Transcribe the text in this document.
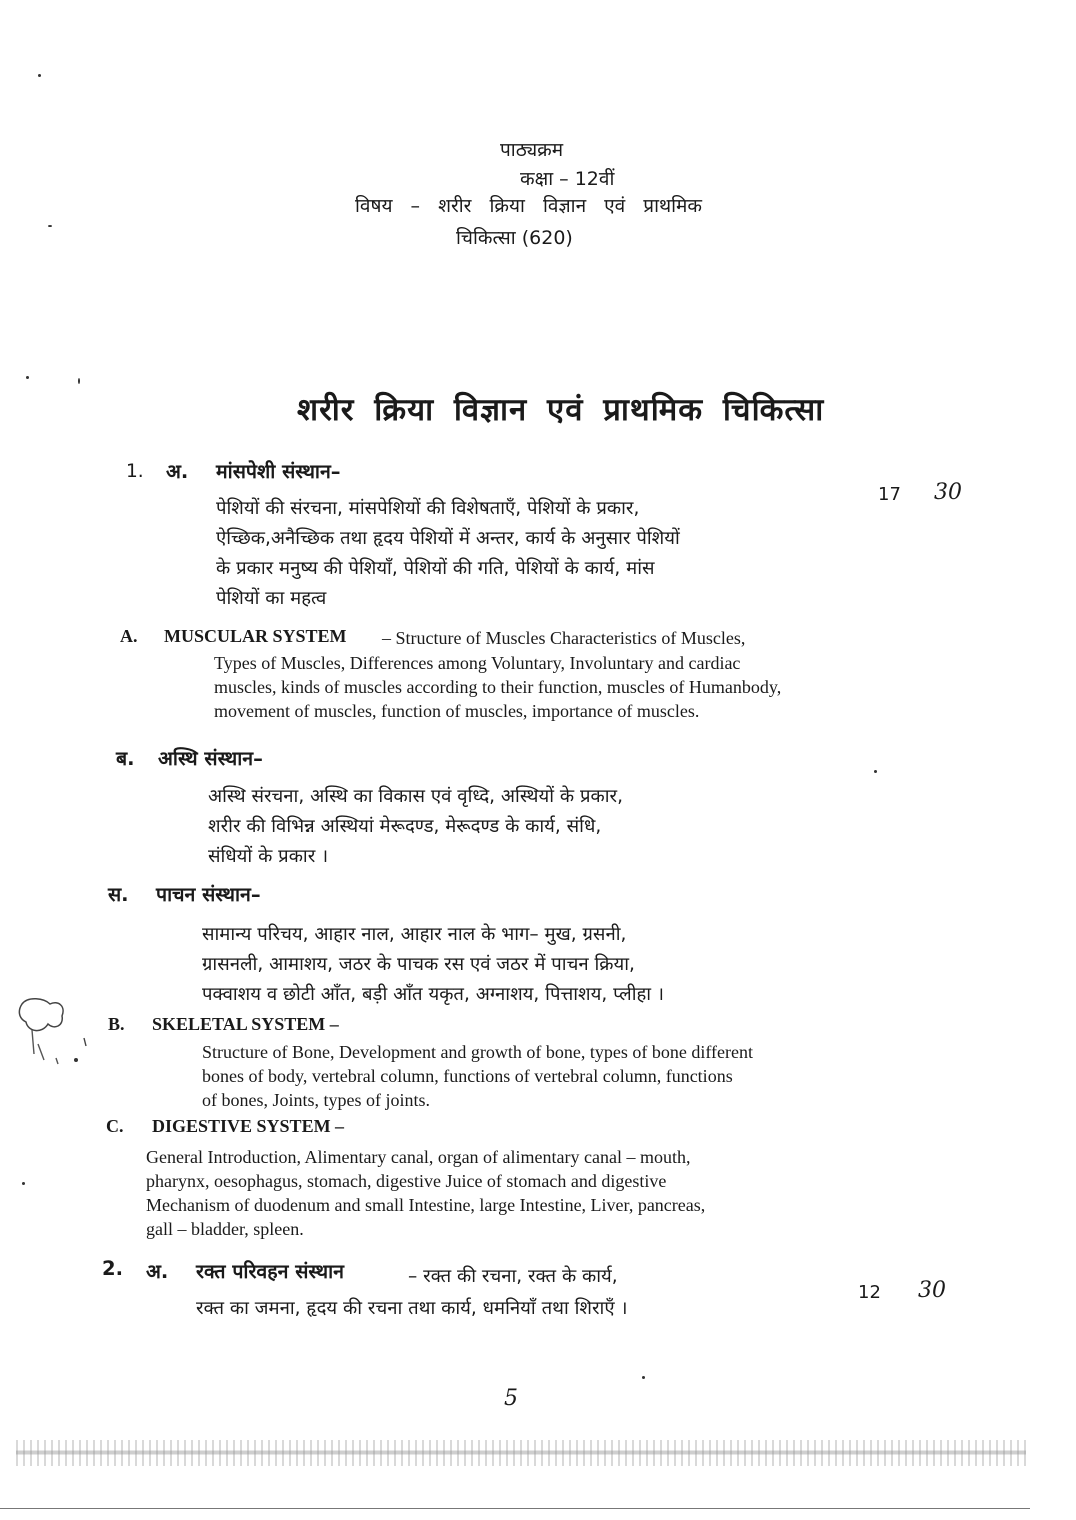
पाठ्यक्रम
कक्षा – 12वीं
विषय – शरीर क्रिया विज्ञान एवं प्राथमिक
चिकित्सा (620)
शरीर क्रिया विज्ञान एवं प्राथमिक चिकित्सा
1. अ. मांसपेशी संस्थान–
17 30
पेशियों की संरचना, मांसपेशियों की विशेषताएँ, पेशियों के प्रकार,
ऐच्छिक,अनैच्छिक तथा हृदय पेशियों में अन्तर, कार्य के अनुसार पेशियों
के प्रकार मनुष्य की पेशियाँ, पेशियों की गति, पेशियों के कार्य, मांस
पेशियों का महत्व
A. MUSCULAR SYSTEM – Structure of Muscles Characteristics of Muscles,
Types of Muscles, Differences among Voluntary, Involuntary and cardiac
muscles, kinds of muscles according to their function, muscles of Humanbody,
movement of muscles, function of muscles, importance of muscles.
ब. अस्थि संस्थान–
अस्थि संरचना, अस्थि का विकास एवं वृध्दि, अस्थियों के प्रकार,
शरीर की विभिन्न अस्थियां मेरूदण्ड, मेरूदण्ड के कार्य, संधि,
संधियों के प्रकार ।
स. पाचन संस्थान–
सामान्य परिचय, आहार नाल, आहार नाल के भाग– मुख, ग्रसनी,
ग्रासनली, आमाशय, जठर के पाचक रस एवं जठर में पाचन क्रिया,
पक्वाशय व छोटी आँत, बड़ी आँत यकृत, अग्नाशय, पित्ताशय, प्लीहा ।
B. SKELETAL SYSTEM –
Structure of Bone, Development and growth of bone, types of bone different
bones of body, vertebral column, functions of vertebral column, functions
of bones, Joints, types of joints.
C. DIGESTIVE SYSTEM –
General Introduction, Alimentary canal, organ of alimentary canal – mouth,
pharynx, oesophagus, stomach, digestive Juice of stomach and digestive
Mechanism of duodenum and small Intestine, large Intestine, Liver, pancreas,
gall – bladder, spleen.
2. अ. रक्त परिवहन संस्थान	– रक्त की रचना, रक्त के कार्य,
रक्त का जमना, हृदय की रचना तथा कार्य, धमनियाँ तथा शिराएँ ।
12 30
5
